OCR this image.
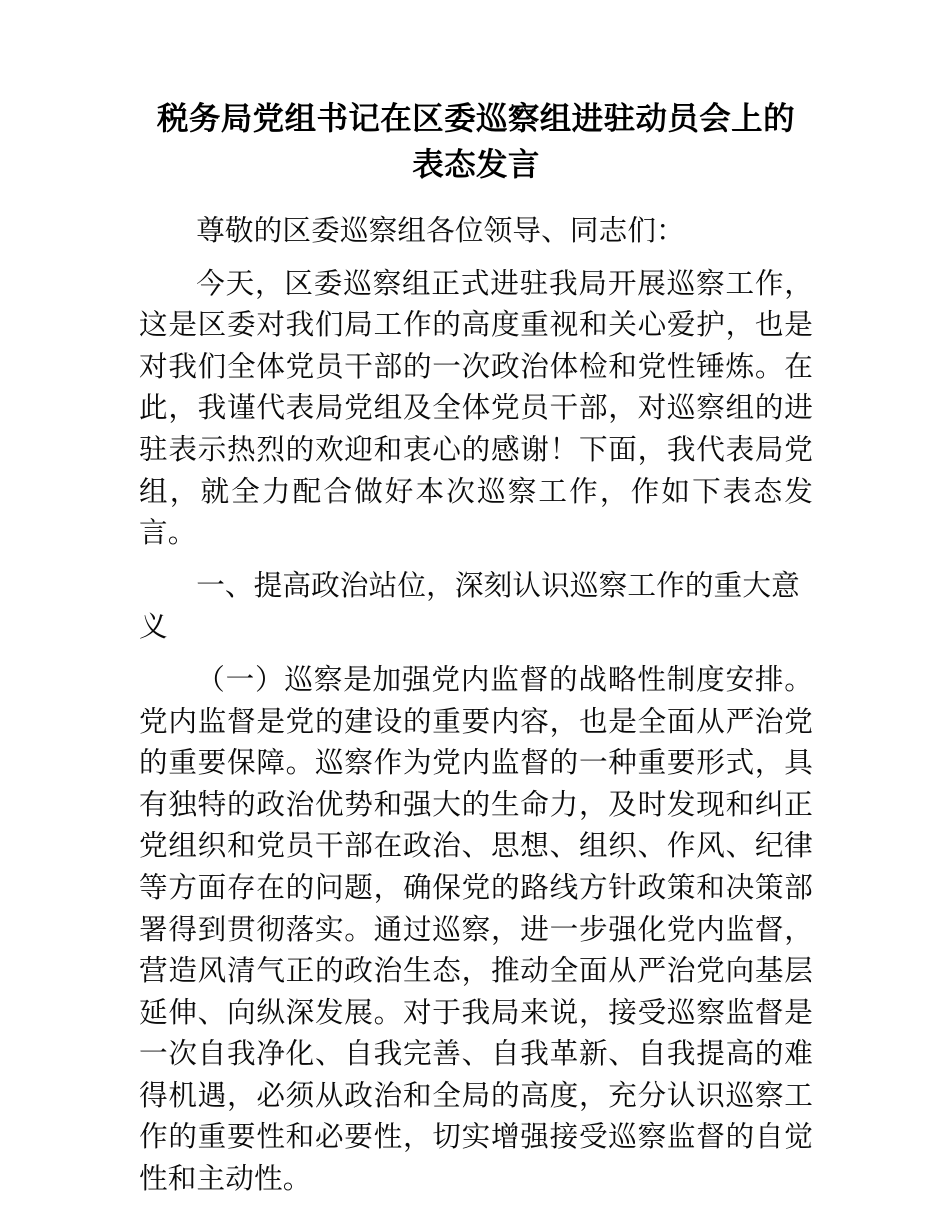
税务局党组书记在区委巡察组进驻动员会上的表态发言

尊敬的区委巡察组各位领导、同志们：

今天，区委巡察组正式进驻我局开展巡察工作，这是区委对我们局工作的高度重视和关心爱护，也是对我们全体党员干部的一次政治体检和党性锤炼。在此，我谨代表局党组及全体党员干部，对巡察组的进驻表示热烈的欢迎和衷心的感谢！下面，我代表局党组，就全力配合做好本次巡察工作，作如下表态发言。

一、提高政治站位，深刻认识巡察工作的重大意义

（一）巡察是加强党内监督的战略性制度安排。党内监督是党的建设的重要内容，也是全面从严治党的重要保障。巡察作为党内监督的一种重要形式，具有独特的政治优势和强大的生命力，及时发现和纠正党组织和党员干部在政治、思想、组织、作风、纪律等方面存在的问题，确保党的路线方针政策和决策部署得到贯彻落实。通过巡察，进一步强化党内监督，营造风清气正的政治生态，推动全面从严治党向基层延伸、向纵深发展。对于我局来说，接受巡察监督是一次自我净化、自我完善、自我革新、自我提高的难得机遇，必须从政治和全局的高度，充分认识巡察工作的重要性和必要性，切实增强接受巡察监督的自觉性和主动性。
